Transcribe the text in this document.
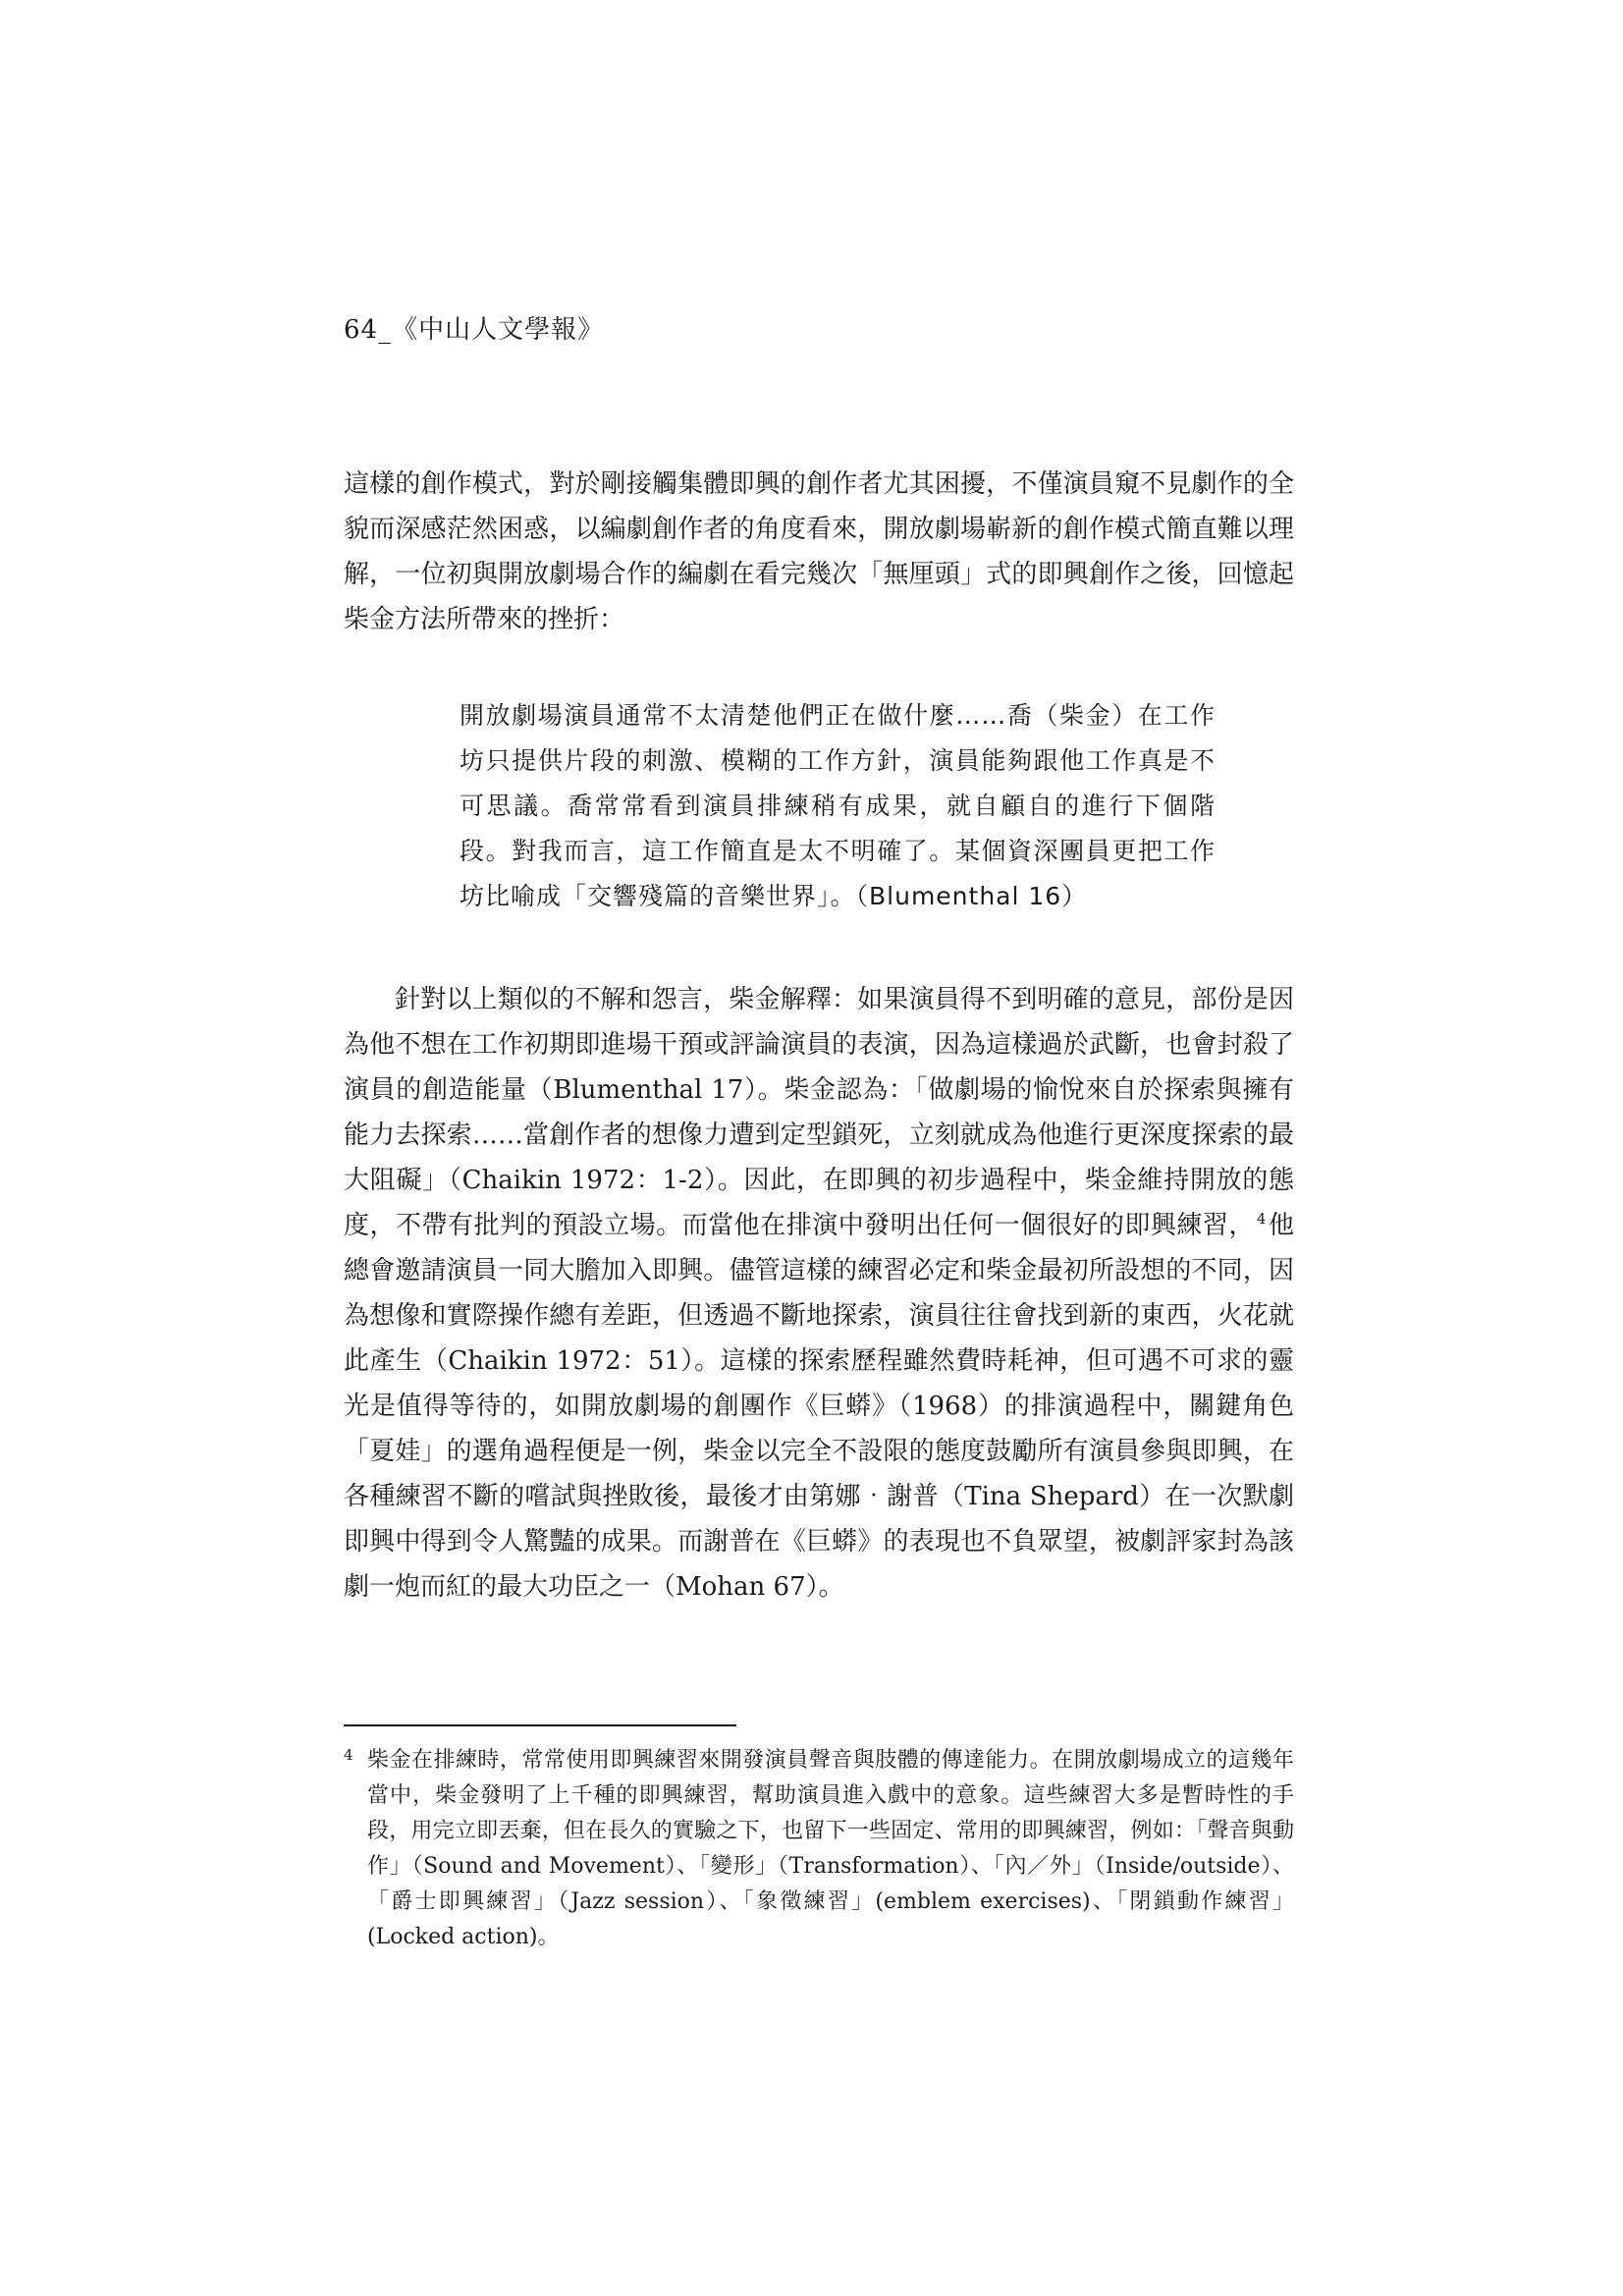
64_《中山人文學報》
這樣的創作模式，對於剛接觸集體即興的創作者尤其困擾，不僅演員窺不見劇作的全貌而深感茫然困惑，以編劇創作者的角度看來，開放劇場嶄新的創作模式簡直難以理解，一位初與開放劇場合作的編劇在看完幾次「無厘頭」式的即興創作之後，回憶起柴金方法所帶來的挫折：
開放劇場演員通常不太清楚他們正在做什麼……喬（柴金）在工作坊只提供片段的刺激、模糊的工作方針，演員能夠跟他工作真是不可思議。喬常常看到演員排練稍有成果，就自顧自的進行下個階段。對我而言，這工作簡直是太不明確了。某個資深團員更把工作坊比喻成「交響殘篇的音樂世界」。（Blumenthal 16）
針對以上類似的不解和怨言，柴金解釋：如果演員得不到明確的意見，部份是因為他不想在工作初期即進場干預或評論演員的表演，因為這樣過於武斷，也會封殺了演員的創造能量（Blumenthal 17）。柴金認為：「做劇場的愉悅來自於探索與擁有能力去探索……當創作者的想像力遭到定型鎖死，立刻就成為他進行更深度探索的最大阻礙」（Chaikin 1972：1-2）。因此，在即興的初步過程中，柴金維持開放的態度，不帶有批判的預設立場。而當他在排演中發明出任何一個很好的即興練習， $^4$他總會邀請演員一同大膽加入即興。儘管這樣的練習必定和柴金最初所設想的不同，因為想像和實際操作總有差距，但透過不斷地探索，演員往往會找到新的東西，火花就此產生（Chaikin 1972：51）。這樣的探索歷程雖然費時耗神，但可遇不可求的靈光是值得等待的，如開放劇場的創團作《巨蟒》（1968）的排演過程中，關鍵角色「夏娃」的選角過程便是一例，柴金以完全不設限的態度鼓勵所有演員參與即興，在各種練習不斷的嚐試與挫敗後，最後才由第娜‧謝普（Tina Shepard）在一次默劇即興中得到令人驚豔的成果。而謝普在《巨蟒》的表現也不負眾望，被劇評家封為該劇一炮而紅的最大功臣之一（Mohan 67）。
4 柴金在排練時，常常使用即興練習來開發演員聲音與肢體的傳達能力。在開放劇場成立的這幾年當中，柴金發明了上千種的即興練習，幫助演員進入戲中的意象。這些練習大多是暫時性的手段，用完立即丟棄，但在長久的實驗之下，也留下一些固定、常用的即興練習，例如：「聲音與動作」（Sound and Movement）、「變形」（Transformation）、「內／外」（Inside/outside）、「爵士即興練習」（Jazz session）、「象徵練習」(emblem exercises)、「閉鎖動作練習」(Locked action)。
